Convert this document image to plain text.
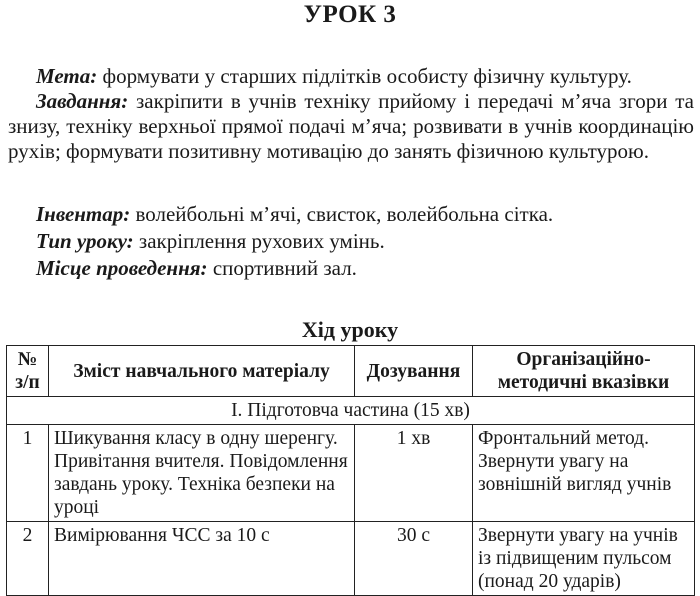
УРОК 3
Мета: формувати у старших підлітків особисту фізичну культуру.
Завдання: закріпити в учнів техніку прийому і передачі м’яча згори та знизу, техніку верхньої прямої подачі м’яча; розвивати в учнів координацію рухів; формувати позитивну мотивацію до занять фізичною культурою.
Інвентар: волейбольні м’ячі, свисток, волейбольна сітка.
Тип уроку: закріплення рухових умінь.
Місце проведення: спортивний зал.
Хід уроку
№ з/п	Зміст навчального матеріалу	Дозування	Організаційно-методичні вказівки
І. Підготовча частина (15 хв)			
1	Шикування класу в одну шеренгу. Привітання вчителя. Повідомлення завдань уроку. Техніка безпеки на уроці	1 хв	Фронтальний метод. Звернути увагу на зовнішній вигляд учнів
2	Вимірювання ЧСС за 10 с	30 с	Звернути увагу на учнів із підвищеним пульсом (понад 20 ударів)
